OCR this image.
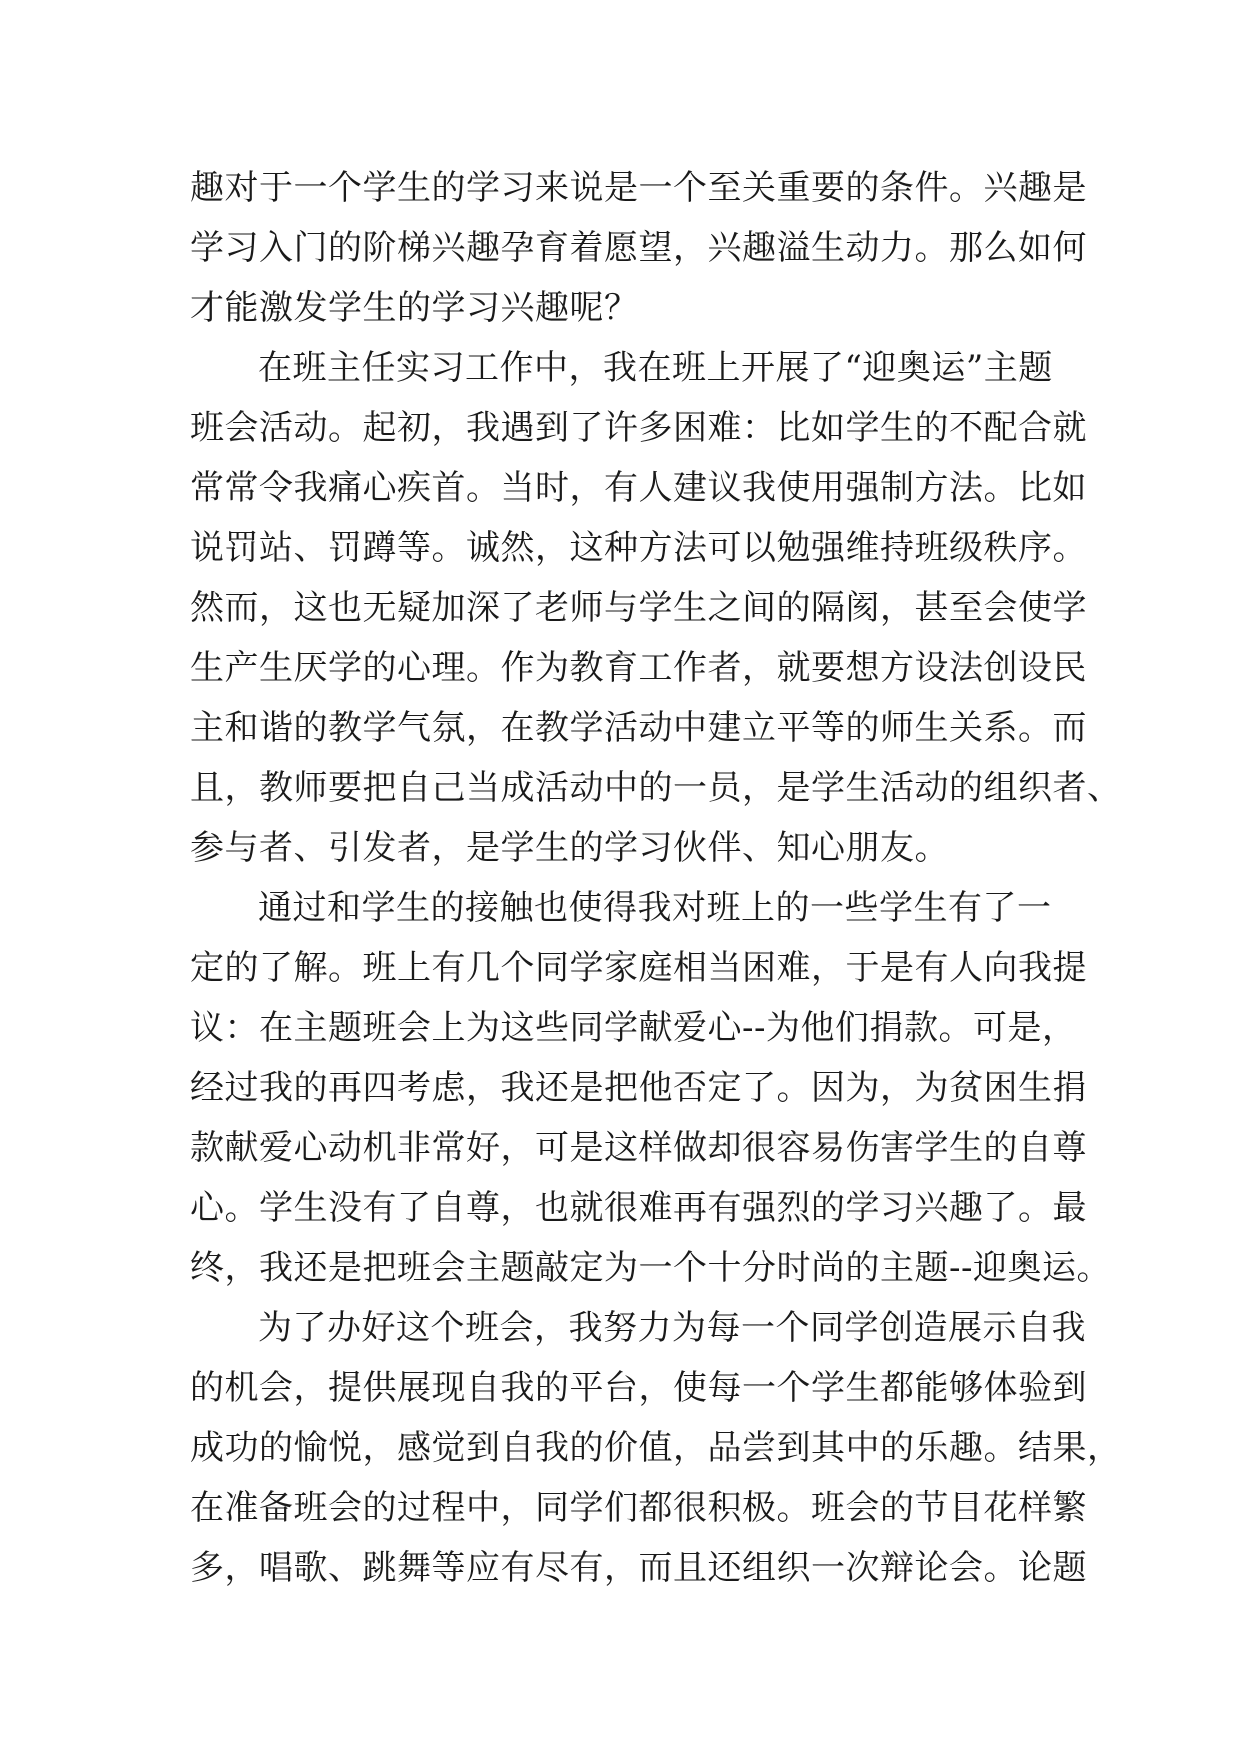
趣对于一个学生的学习来说是一个至关重要的条件。兴趣是
学习入门的阶梯兴趣孕育着愿望，兴趣溢生动力。那么如何
才能激发学生的学习兴趣呢？
在班主任实习工作中，我在班上开展了“迎奥运”主题
班会活动。起初，我遇到了许多困难：比如学生的不配合就
常常令我痛心疾首。当时，有人建议我使用强制方法。比如
说罚站、罚蹲等。诚然，这种方法可以勉强维持班级秩序。
然而，这也无疑加深了老师与学生之间的隔阂，甚至会使学
生产生厌学的心理。作为教育工作者，就要想方设法创设民
主和谐的教学气氛，在教学活动中建立平等的师生关系。而
且，教师要把自己当成活动中的一员，是学生活动的组织者、
参与者、引发者，是学生的学习伙伴、知心朋友。
通过和学生的接触也使得我对班上的一些学生有了一
定的了解。班上有几个同学家庭相当困难，于是有人向我提
议：在主题班会上为这些同学献爱心--为他们捐款。可是，
经过我的再四考虑，我还是把他否定了。因为，为贫困生捐
款献爱心动机非常好，可是这样做却很容易伤害学生的自尊
心。学生没有了自尊，也就很难再有强烈的学习兴趣了。最
终，我还是把班会主题敲定为一个十分时尚的主题--迎奥运。
为了办好这个班会，我努力为每一个同学创造展示自我
的机会，提供展现自我的平台，使每一个学生都能够体验到
成功的愉悦，感觉到自我的价值，品尝到其中的乐趣。结果，
在准备班会的过程中，同学们都很积极。班会的节目花样繁
多，唱歌、跳舞等应有尽有，而且还组织一次辩论会。论题
